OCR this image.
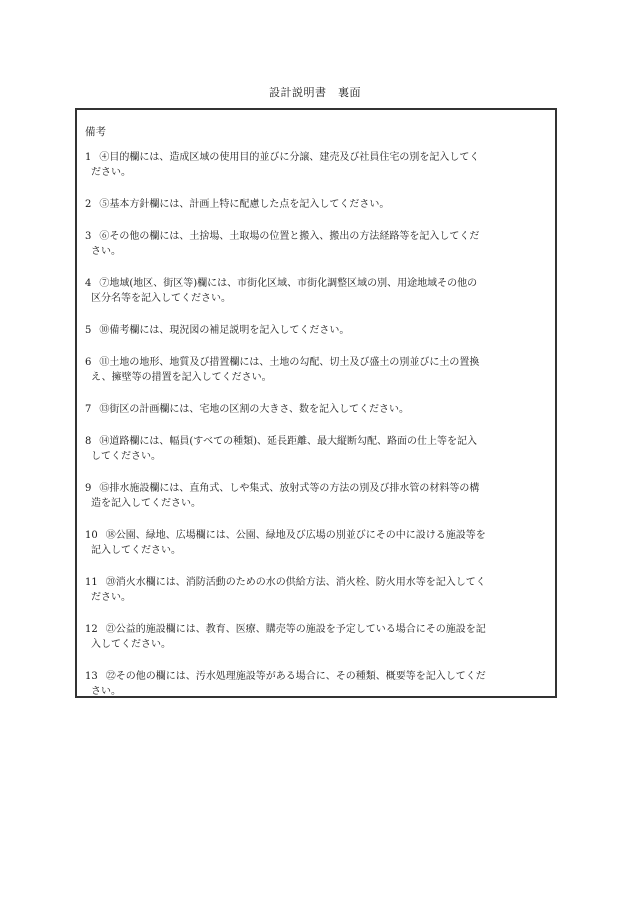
設計説明書　裏面
備考
1 ④目的欄には、造成区域の使用目的並びに分譲、建売及び社員住宅の別を記入してく
ださい。
2 ⑤基本方針欄には、計画上特に配慮した点を記入してください。
3 ⑥その他の欄には、土捨場、土取場の位置と搬入、搬出の方法経路等を記入してくだ
さい。
4 ⑦地域(地区、街区等)欄には、市街化区域、市街化調整区域の別、用途地域その他の
区分名等を記入してください。
5 ⑩備考欄には、現況図の補足説明を記入してください。
6 ⑪土地の地形、地質及び措置欄には、土地の勾配、切土及び盛土の別並びに土の置換
え、擁壁等の措置を記入してください。
7 ⑬街区の計画欄には、宅地の区割の大きさ、数を記入してください。
8 ⑭道路欄には、幅員(すべての種類)、延長距離、最大縦断勾配、路面の仕上等を記入
してください。
9 ⑮排水施設欄には、直角式、しや集式、放射式等の方法の別及び排水管の材料等の構
造を記入してください。
10 ⑱公園、緑地、広場欄には、公園、緑地及び広場の別並びにその中に設ける施設等を
記入してください。
11 ⑳消火水欄には、消防活動のための水の供給方法、消火栓、防火用水等を記入してく
ださい。
12 ㉑公益的施設欄には、教育、医療、購売等の施設を予定している場合にその施設を記
入してください。
13 ㉒その他の欄には、汚水処理施設等がある場合に、その種類、概要等を記入してくだ
さい。
